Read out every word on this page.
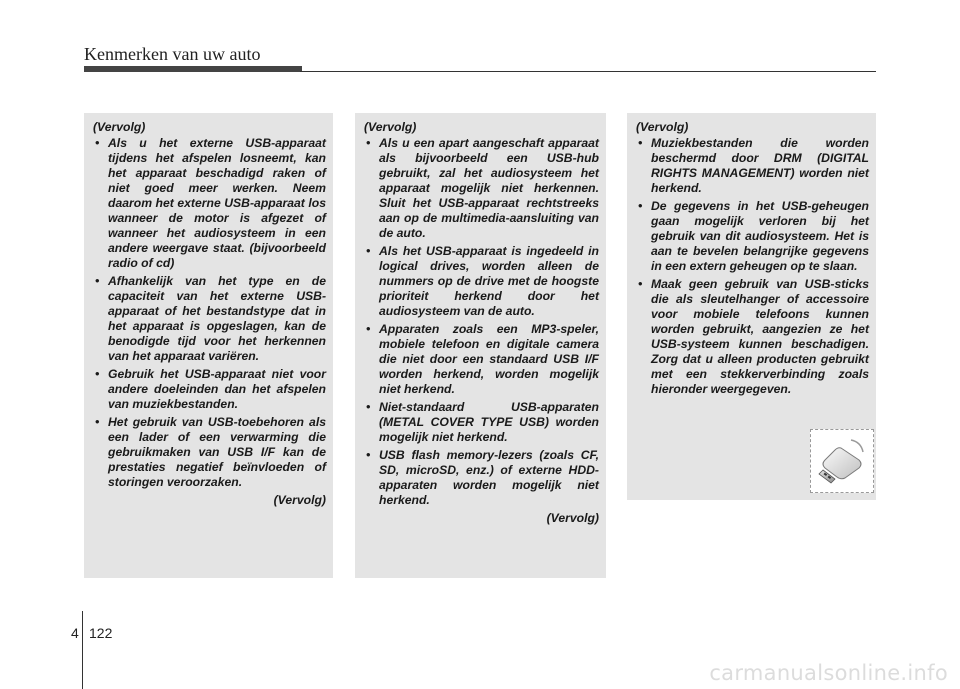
Kenmerken van uw auto
(Vervolg)
• Als u het externe USB-apparaat tijdens het afspelen losneemt, kan het apparaat beschadigd raken of niet goed meer werken. Neem daarom het externe USB-apparaat los wanneer de motor is afgezet of wanneer het audiosysteem in een andere weergave staat. (bijvoorbeeld radio of cd)
• Afhankelijk van het type en de capaciteit van het externe USB-apparaat of het bestandstype dat in het apparaat is opgeslagen, kan de benodigde tijd voor het herkennen van het apparaat variëren.
• Gebruik het USB-apparaat niet voor andere doeleinden dan het afspelen van muziekbestanden.
• Het gebruik van USB-toebehoren als een lader of een verwarming die gebruikmaken van USB I/F kan de prestaties negatief beïnvloeden of storingen veroorzaken.
(Vervolg)
(Vervolg)
• Als u een apart aangeschaft apparaat als bijvoorbeeld een USB-hub gebruikt, zal het audiosysteem het apparaat mogelijk niet herkennen. Sluit het USB-apparaat rechtstreeks aan op de multimedia-aansluiting van de auto.
• Als het USB-apparaat is ingedeeld in logical drives, worden alleen de nummers op de drive met de hoogste prioriteit herkend door het audiosysteem van de auto.
• Apparaten zoals een MP3-speler, mobiele telefoon en digitale camera die niet door een standaard USB I/F worden herkend, worden mogelijk niet herkend.
• Niet-standaard USB-apparaten (METAL COVER TYPE USB) worden mogelijk niet herkend.
• USB flash memory-lezers (zoals CF, SD, microSD, enz.) of externe HDD-apparaten worden mogelijk niet herkend.
(Vervolg)
(Vervolg)
• Muziekbestanden die worden beschermd door DRM (DIGITAL RIGHTS MANAGEMENT) worden niet herkend.
• De gegevens in het USB-geheugen gaan mogelijk verloren bij het gebruik van dit audiosysteem. Het is aan te bevelen belangrijke gegevens in een extern geheugen op te slaan.
• Maak geen gebruik van USB-sticks die als sleutelhanger of accessoire voor mobiele telefoons kunnen worden gebruikt, aangezien ze het USB-systeem kunnen beschadigen. Zorg dat u alleen producten gebruikt met een stekkerverbinding zoals hieronder weergegeven.
4 122
carmanualsonline.info
